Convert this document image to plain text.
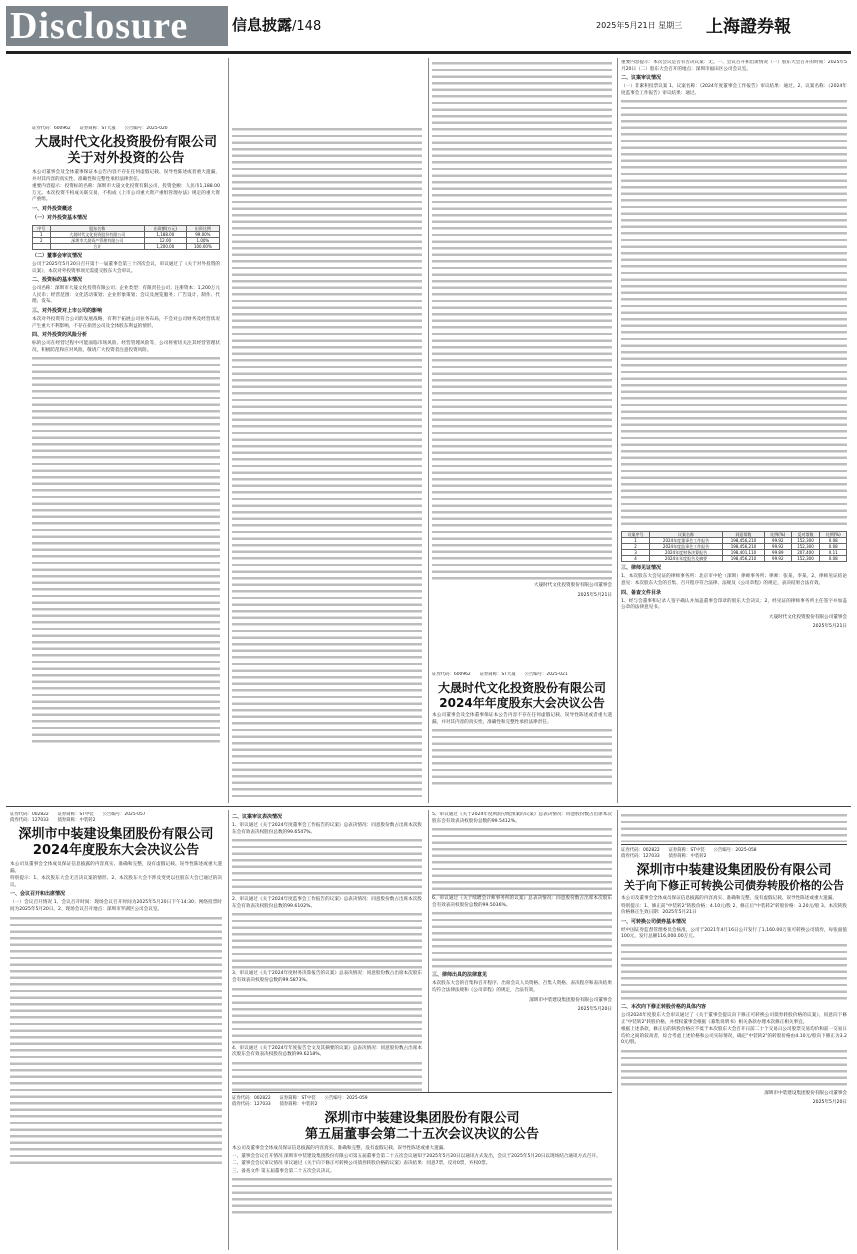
Disclosure	信息披露/148	2025年5月21日 星期三 上海證券報
证券代码：600962　　证券简称：ST大晟　　公告编号：2025-020
大晟时代文化投资股份有限公司
关于对外投资的公告

本公司董事会及全体董事保证本公告内容不存在任何虚假记载、误导性陈述或者重大遗漏，并对其内容的真实性、准确性和完整性承担法律责任。

重要内容提示：投资标的名称：深圳市大晟文化投资有限公司，投资金额：人民币1,188.00万元。本次投资不构成关联交易，不构成《上市公司重大资产重组管理办法》规定的重大资产重组。

一、对外投资概述
（一）对外投资基本情况
序号	股东名称	出资额(万元)	出资比例
1	大晟时代文化投资股份有限公司	1,188.00	99.00%
2	深圳市大晟资产管理有限公司	12.00	1.00%
	合计	1,200.00	100.00%
（二）董事会审议情况

公司于2025年5月20日召开第十一届董事会第三十四次会议，审议通过了《关于对外投资的议案》，本次对外投资事项无需提交股东大会审议。

二、投资标的基本情况

公司名称：深圳市大晟文化投资有限公司；企业类型：有限责任公司；注册资本：1,200万元人民币；经营范围：文化活动策划；企业形象策划；会议及展览服务；广告设计、制作、代理、发布。

三、对外投资对上市公司的影响

本次对外投资符合公司的发展战略，有利于拓展公司业务布局，不会对公司财务及经营状况产生重大不利影响，不存在损害公司及全体股东利益的情形。

四、对外投资的风险分析

标的公司在经营过程中可能面临市场风险、经营管理风险等，公司将密切关注其经营管理状况，积极防范和应对风险。敬请广大投资者注意投资风险。

大晟时代文化投资股份有限公司董事会
2025年5月21日
证券代码：600962　　证券简称：ST大晟　　公告编号：2025-021
大晟时代文化投资股份有限公司
2024年年度股东大会决议公告

本公司董事会及全体董事保证本公告内容不存在任何虚假记载、误导性陈述或者重大遗漏，并对其内容的真实性、准确性和完整性承担法律责任。

重要内容提示：本次会议是否有否决议案：无。一、会议召开和出席情况（一）股东大会召开的时间：2025年5月20日（二）股东大会召开的地点：深圳市福田区公司会议室。

二、议案审议情况

（一）非累积投票议案 1、议案名称：《2024年度董事会工作报告》审议结果：通过。2、议案名称：《2024年度监事会工作报告》审议结果：通过。

议案序号	议案名称	同意票数	比例(%)	反对票数	比例(%)
1	2024年度董事会工作报告	198,456,210	99.92	152,300	0.08
2	2024年度监事会工作报告	198,456,210	99.92	152,300	0.08
3	2024年度财务决算报告	198,401,110	99.89	207,400	0.11
4	2024年年度报告及摘要	198,456,210	99.92	152,300	0.08
三、律师见证情况

1、本次股东大会见证的律师事务所：北京市中伦（深圳）律师事务所；律师：张某、李某。2、律师见证结论意见：本次股东大会的召集、召开程序符合法律、法规及《公司章程》的规定，表决结果合法有效。

四、备查文件目录

1、经与会董事和记录人签字确认并加盖董事会印章的股东大会决议；2、经见证的律师事务所主任签字并加盖公章的法律意见书。

大晟时代文化投资股份有限公司董事会
2025年5月21日
证券代码：002822　　证券简称：ST中装　　公告编号：2025-057
债券代码：127033　　债券简称：中装转2
深圳市中装建设集团股份有限公司
2024年度股东大会决议公告

本公司及董事会全体成员保证信息披露的内容真实、准确和完整，没有虚假记载、误导性陈述或重大遗漏。

特别提示：1、本次股东大会无否决议案的情形。2、本次股东大会不涉及变更以往股东大会已通过的决议。

一、会议召开和出席情况

（一）会议召开情况 1、会议召开时间：现场会议召开时间为2025年5月20日下午14:30；网络投票时间为2025年5月20日。2、现场会议召开地点：深圳市罗湖区公司会议室。

二、议案审议表决情况

1、审议通过《关于2024年度董事会工作报告的议案》总表决情况：同意股份数占出席本次股东会有效表决权股份总数的99.6547%。

2、审议通过《关于2024年度监事会工作报告的议案》总表决情况：同意股份数占出席本次股东会有效表决权股份总数的99.6102%。

3、审议通过《关于2024年度财务决算报告的议案》总表决情况：同意股份数占出席本次股东会有效表决权股份总数的99.5873%。

4、审议通过《关于2024年年度报告全文及其摘要的议案》总表决情况：同意股份数占出席本次股东会有效表决权股份总数的99.6218%。

5、审议通过《关于2024年度利润分配预案的议案》总表决情况：同意股份数占出席本次股东会有效表决权股份总数的99.5412%。

6、审议通过《关于续聘会计师事务所的议案》总表决情况：同意股份数占出席本次股东会有效表决权股份总数的99.5036%。

三、律师出具的法律意见

本次股东大会的召集和召开程序、出席会议人员资格、召集人资格、表决程序和表决结果均符合法律法规和《公司章程》的规定，合法有效。

深圳市中装建设集团股份有限公司董事会
2025年5月20日
证券代码：002822　　证券简称：ST中装　　公告编号：2025-059
债券代码：127033　　债券简称：中装转2
深圳市中装建设集团股份有限公司
第五届董事会第二十五次会议决议的公告

本公司及董事会全体成员保证信息披露的内容真实、准确和完整，没有虚假记载、误导性陈述或重大遗漏。

一、董事会会议召开情况 深圳市中装建设集团股份有限公司第五届董事会第二十五次会议通知于2025年5月20日以通讯方式发出，会议于2025年5月20日以现场结合通讯方式召开。

二、董事会会议审议情况 审议通过《关于向下修正可转换公司债券转股价格的议案》表决结果：同意7票，反对0票，弃权0票。

三、备查文件 第五届董事会第二十五次会议决议。

证券代码：002822　　证券简称：ST中装　　公告编号：2025-058
债券代码：127033　　债券简称：中装转2
深圳市中装建设集团股份有限公司
关于向下修正可转换公司债券转股价格的公告

本公司及董事会全体成员保证信息披露的内容真实、准确和完整，没有虚假记载、误导性陈述或重大遗漏。

特别提示：1、修正前"中装转2"转股价格：4.10元/股 2、修正后"中装转2"转股价格：3.20元/股 3、本次转股价格修正生效日期：2025年5月21日

一、可转换公司债券基本情况

经中国证券监督管理委员会核准，公司于2021年4月16日公开发行了1,160.00万张可转换公司债券，每张面值100元，发行总额116,000.00万元。

二、本次向下修正转股价格的具体内容

公司2024年度股东大会审议通过了《关于董事会提议向下修正可转换公司债券转股价格的议案》，同意向下修正"中装转2"转股价格，并授权董事会根据《募集说明书》相关条款办理本次修正相关事宜。

根据上述条款，修正后的转股价格应不低于本次股东大会召开日前二十个交易日公司股票交易均价和前一交易日均价之间的较高者，综合考虑上述价格和公司实际情况，确定"中装转2"的转股价格由4.10元/股向下修正为3.20元/股。

深圳市中装建设集团股份有限公司董事会
2025年5月20日
